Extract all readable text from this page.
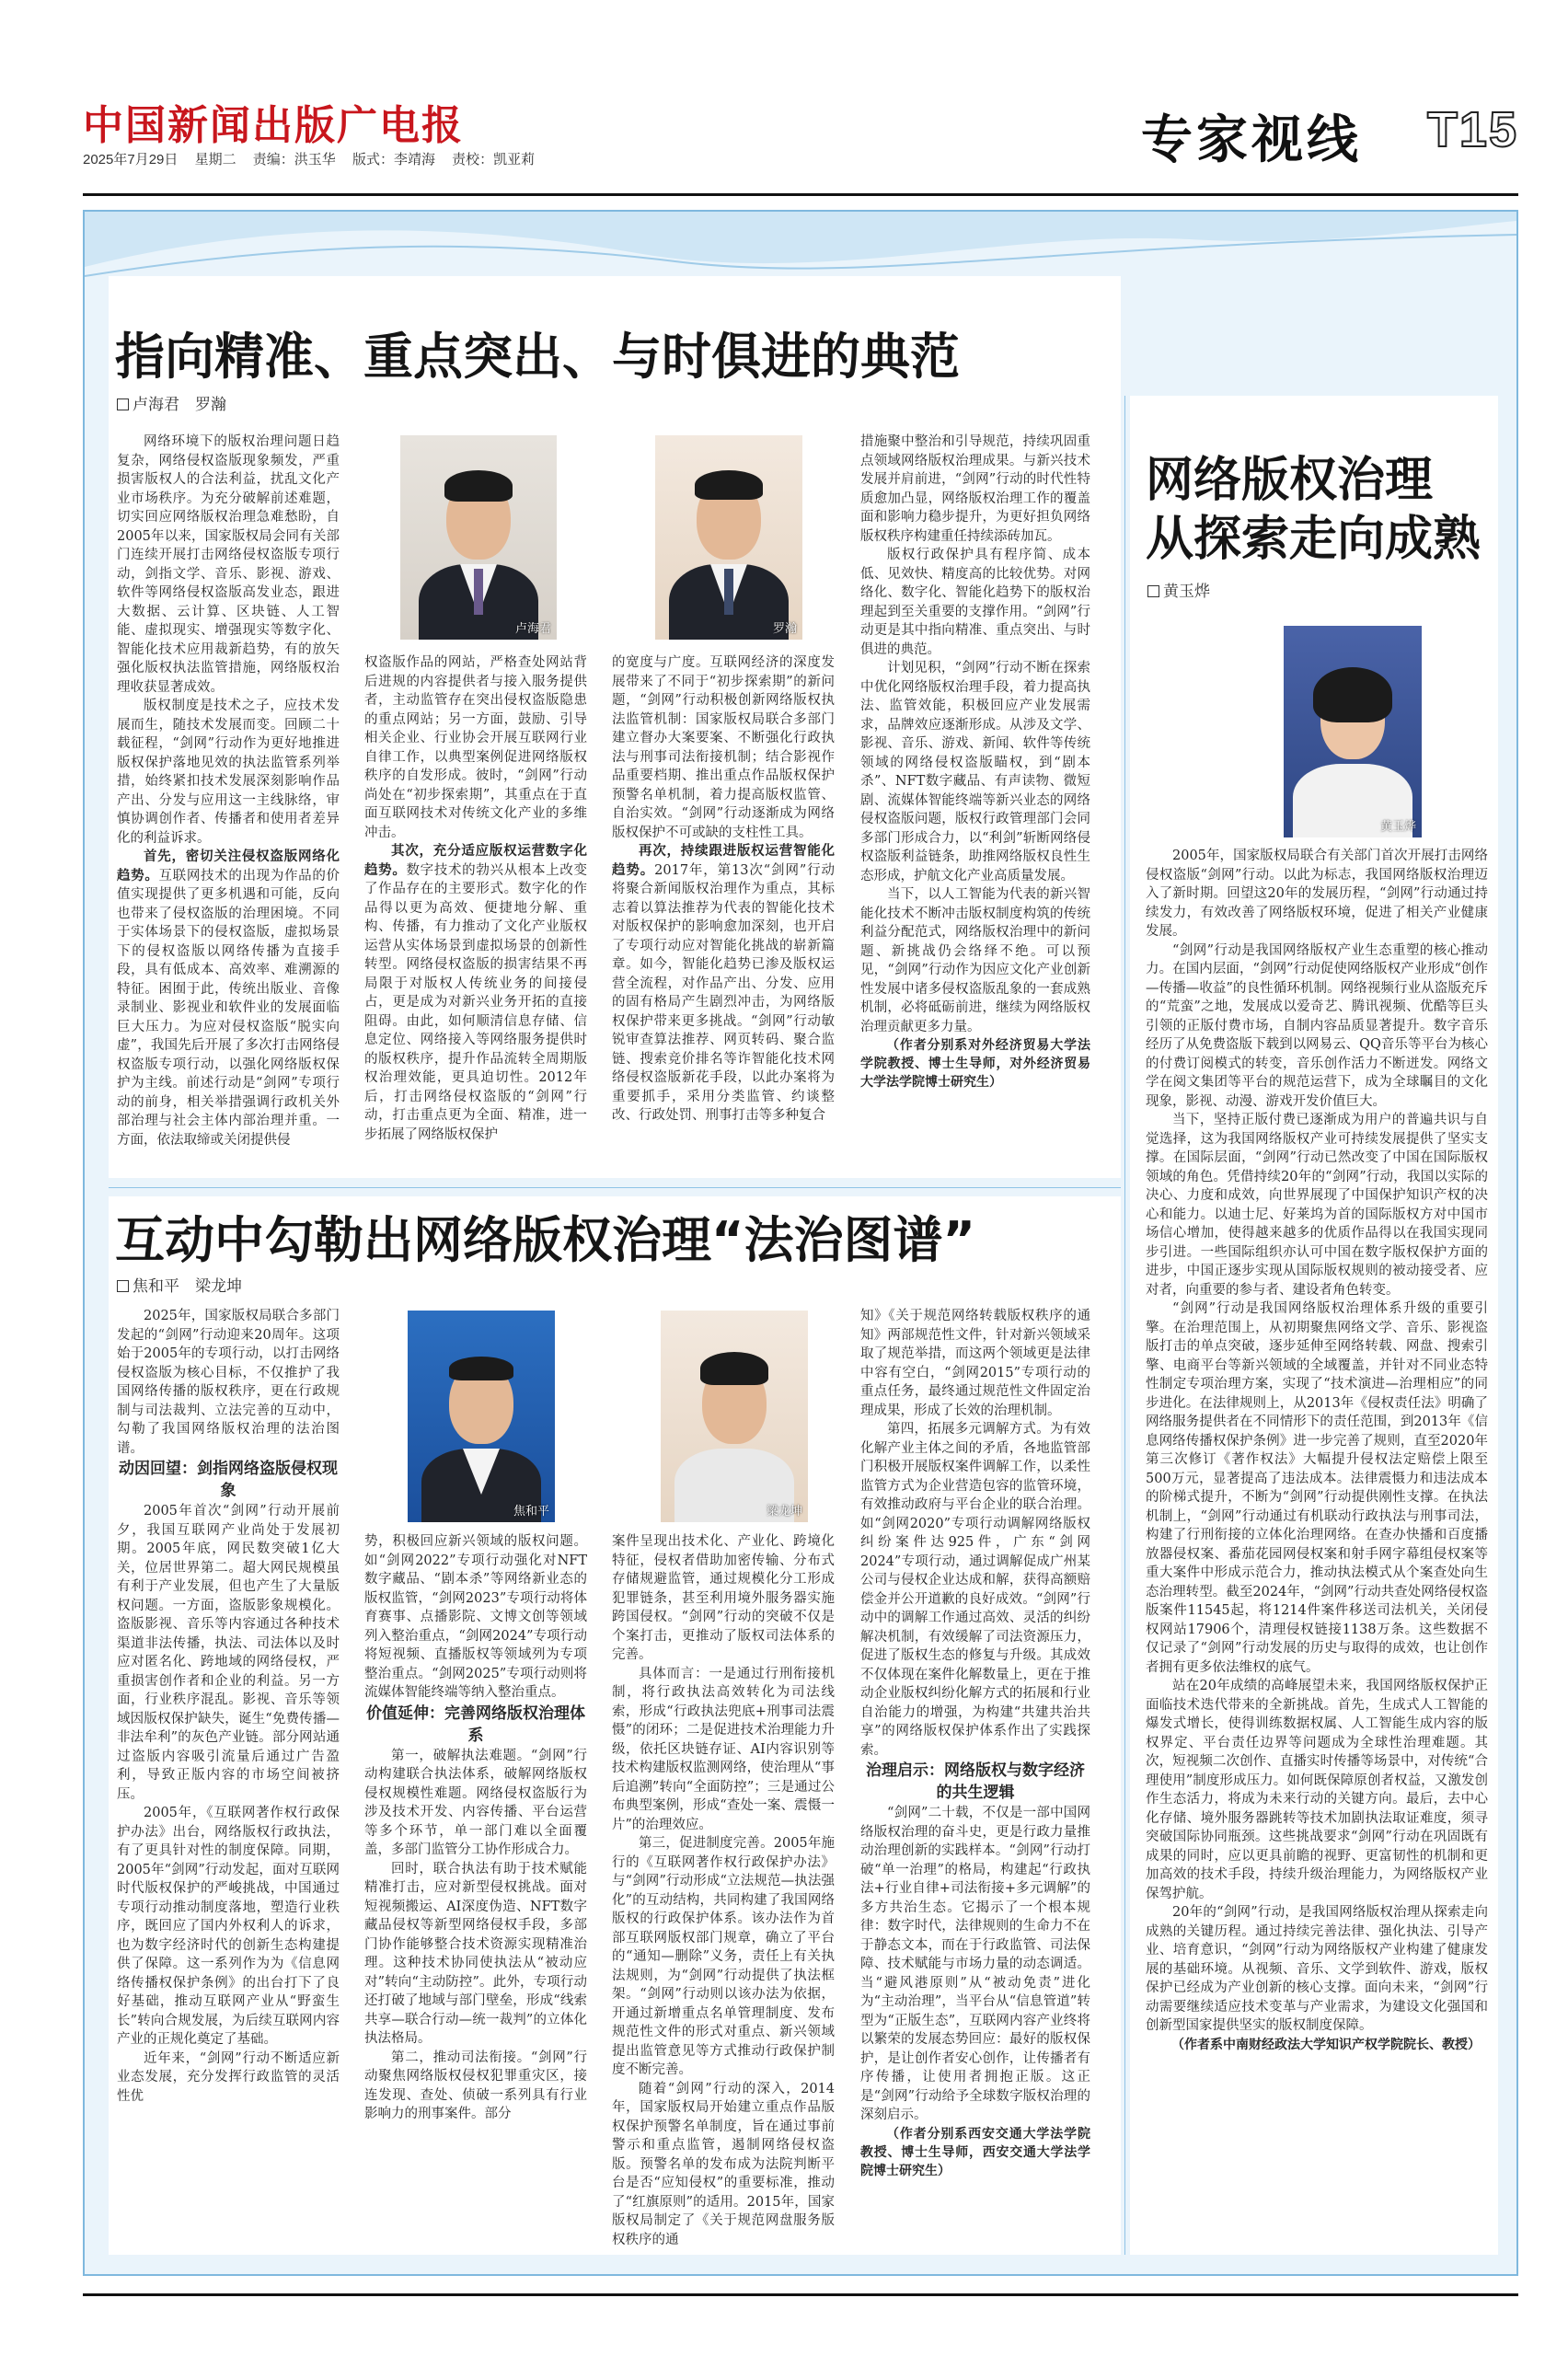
中国新闻出版广电报
2025年7月29日 星期二 责编：洪玉华 版式：李靖海 责校：凯亚莉	专家视线 T15
指向精准、重点突出、与时俱进的典范
卢海君　罗瀚
卢海君	罗瀚

网络环境下的版权治理问题日趋复杂，网络侵权盗版现象频发，严重损害版权人的合法利益，扰乱文化产业市场秩序。为充分破解前述难题，切实回应网络版权治理急难愁盼，自2005年以来，国家版权局会同有关部门连续开展打击网络侵权盗版专项行动，剑指文学、音乐、影视、游戏、软件等网络侵权盗版高发业态，跟进大数据、云计算、区块链、人工智能、虚拟现实、增强现实等数字化、智能化技术应用裁新趋势，有的放矢强化版权执法监管措施，网络版权治理收获显著成效。

版权制度是技术之子，应技术发展而生，随技术发展而变。回顾二十载征程，“剑网”行动作为更好地推进版权保护落地见效的执法监管系列举措，始终紧扣技术发展深刻影响作品产出、分发与应用这一主线脉络，审慎协调创作者、传播者和使用者差异化的利益诉求。

首先，密切关注侵权盗版网络化趋势。互联网技术的出现为作品的价值实现提供了更多机遇和可能，反向也带来了侵权盗版的治理困境。不同于实体场景下的侵权盗版，虚拟场景下的侵权盗版以网络传播为直接手段，具有低成本、高效率、难溯源的特征。困囿于此，传统出版业、音像录制业、影视业和软件业的发展面临巨大压力。为应对侵权盗版“脱实向虚”，我国先后开展了多次打击网络侵权盗版专项行动，以强化网络版权保护为主线。前述行动是“剑网”专项行动的前身，相关举措强调行政机关外部治理与社会主体内部治理并重。一方面，依法取缔或关闭提供侵

权盗版作品的网站，严格查处网站背后进规的内容提供者与接入服务提供者，主动监管存在突出侵权盗版隐患的重点网站；另一方面，鼓励、引导相关企业、行业协会开展互联网行业自律工作，以典型案例促进网络版权秩序的自发形成。彼时，“剑网”行动尚处在“初步探索期”，其重点在于直面互联网技术对传统文化产业的多维冲击。

其次，充分适应版权运营数字化趋势。数字技术的勃兴从根本上改变了作品存在的主要形式。数字化的作品得以更为高效、便捷地分解、重构、传播，有力推动了文化产业版权运营从实体场景到虚拟场景的创新性转型。网络侵权盗版的损害结果不再局限于对版权人传统业务的间接侵占，更是成为对新兴业务开拓的直接阻碍。由此，如何顺清信息存储、信息定位、网络接入等网络服务提供时的版权秩序，提升作品流转全周期版权治理效能，更具迫切性。2012年后，打击网络侵权盗版的“剑网”行动，打击重点更为全面、精准，进一步拓展了网络版权保护

的宽度与广度。互联网经济的深度发展带来了不同于“初步探索期”的新问题，“剑网”行动积极创新网络版权执法监管机制：国家版权局联合多部门建立督办大案要案、不断强化行政执法与刑事司法衔接机制；结合影视作品重要档期、推出重点作品版权保护预警名单机制，着力提高版权监管、自治实效。“剑网”行动逐渐成为网络版权保护不可或缺的支柱性工具。

再次，持续跟进版权运营智能化趋势。2017年，第13次“剑网”行动将聚合新闻版权治理作为重点，其标志着以算法推荐为代表的智能化技术对版权保护的影响愈加深刻，也开启了专项行动应对智能化挑战的崭新篇章。如今，智能化趋势已渗及版权运营全流程，对作品产出、分发、应用的固有格局产生剧烈冲击，为网络版权保护带来更多挑战。“剑网”行动敏锐审查算法推荐、网页转码、聚合监链、搜索竞价排名等诈智能化技术网络侵权盗版新花手段，以此办案将为重要抓手，采用分类监管、约谈整改、行政处罚、刑事打击等多种复合

措施聚中整治和引导规范，持续巩固重点领域网络版权治理成果。与新兴技术发展并肩前进，“剑网”行动的时代性特质愈加凸显，网络版权治理工作的覆盖面和影响力稳步提升，为更好担负网络版权秩序构建重任持续添砖加瓦。

版权行政保护具有程序简、成本低、见效快、精度高的比较优势。对网络化、数字化、智能化趋势下的版权治理起到至关重要的支撑作用。“剑网”行动更是其中指向精准、重点突出、与时俱进的典范。

计划见积，“剑网”行动不断在探索中优化网络版权治理手段，着力提高执法、监管效能，积极回应产业发展需求，品牌效应逐渐形成。从涉及文学、影视、音乐、游戏、新闻、软件等传统领域的网络侵权盗版瞄权，到“剧本杀”、NFT数字藏品、有声读物、微短剧、流媒体智能终端等新兴业态的网络侵权盗版问题，版权行政管理部门会同多部门形成合力，以“利剑”斩断网络侵权盗版利益链条，助推网络版权良性生态形成，护航文化产业高质量发展。

当下，以人工智能为代表的新兴智能化技术不断冲击版权制度构筑的传统利益分配范式，网络版权治理中的新问题、新挑战仍会络绎不绝。可以预见，“剑网”行动作为因应文化产业创新性发展中诸多侵权盗版乱象的一套成熟机制，必将砥砺前进，继续为网络版权治理贡献更多力量。

（作者分别系对外经济贸易大学法学院教授、博士生导师，对外经济贸易大学法学院博士研究生）

网络版权治理
从探索走向成熟
黄玉烨
黄玉烨

2005年，国家版权局联合有关部门首次开展打击网络侵权盗版“剑网”行动。以此为标志，我国网络版权治理迈入了新时期。回望这20年的发展历程，“剑网”行动通过持续发力，有效改善了网络版权环境，促进了相关产业健康发展。

“剑网”行动是我国网络版权产业生态重塑的核心推动力。在国内层面，“剑网”行动促使网络版权产业形成“创作—传播—收益”的良性循环机制。网络视频行业从盗版充斥的“荒蛮”之地，发展成以爱奇艺、腾讯视频、优酷等巨头引领的正版付费市场，自制内容品质显著提升。数字音乐经历了从免费盗版下载到以网易云、QQ音乐等平台为核心的付费订阅模式的转变，音乐创作活力不断迸发。网络文学在阅文集团等平台的规范运营下，成为全球瞩目的文化现象，影视、动漫、游戏开发价值巨大。

当下，坚持正版付费已逐渐成为用户的普遍共识与自觉选择，这为我国网络版权产业可持续发展提供了坚实支撑。在国际层面，“剑网”行动已然改变了中国在国际版权领域的角色。凭借持续20年的“剑网”行动，我国以实际的决心、力度和成效，向世界展现了中国保护知识产权的决心和能力。以迪士尼、好莱坞为首的国际版权方对中国市场信心增加，使得越来越多的优质作品得以在我国实现同步引进。一些国际组织亦认可中国在数字版权保护方面的进步，中国正逐步实现从国际版权规则的被动接受者、应对者，向重要的参与者、建设者角色转变。

“剑网”行动是我国网络版权治理体系升级的重要引擎。在治理范围上，从初期聚焦网络文学、音乐、影视盗版打击的单点突破，逐步延伸至网络转载、网盘、搜索引擎、电商平台等新兴领域的全域覆盖，并针对不同业态特性制定专项治理方案，实现了“技术演进—治理相应”的同步进化。在法律规则上，从2013年《侵权责任法》明确了网络服务提供者在不同情形下的责任范围，到2013年《信息网络传播权保护条例》进一步完善了规则，直至2020年第三次修订《著作权法》大幅提升侵权法定赔偿上限至500万元，显著提高了违法成本。法律震慑力和违法成本的阶梯式提升，不断为“剑网”行动提供刚性支撑。在执法机制上，“剑网”行动通过有机联动行政执法与刑事司法，构建了行刑衔接的立体化治理网络。在查办快播和百度播放器侵权案、番茄花园网侵权案和射手网字幕组侵权案等重大案件中形成示范合力，推动执法模式从个案查处向生态治理转型。截至2024年，“剑网”行动共查处网络侵权盗版案件11545起，将1214件案件移送司法机关，关闭侵权网站17906个，清理侵权链接1138万条。这些数据不仅记录了“剑网”行动发展的历史与取得的成效，也让创作者拥有更多依法维权的底气。

站在20年成绩的高峰展望未来，我国网络版权保护正面临技术迭代带来的全新挑战。首先，生成式人工智能的爆发式增长，使得训练数据权属、人工智能生成内容的版权界定、平台责任边界等问题成为全球性治理难题。其次，短视频二次创作、直播实时传播等场景中，对传统“合理使用”制度形成压力。如何既保障原创者权益，又激发创作生态活力，将成为未来行动的关键方向。最后，去中心化存储、境外服务器跳转等技术加剧执法取证难度，须寻突破国际协同瓶颈。这些挑战要求“剑网”行动在巩固既有成果的同时，应以更具前瞻的视野、更富韧性的机制和更加高效的技术手段，持续升级治理能力，为网络版权产业保驾护航。

20年的“剑网”行动，是我国网络版权治理从探索走向成熟的关键历程。通过持续完善法律、强化执法、引导产业、培育意识，“剑网”行动为网络版权产业构建了健康发展的基础环境。从视频、音乐、文学到软件、游戏，版权保护已经成为产业创新的核心支撑。面向未来，“剑网”行动需要继续适应技术变革与产业需求，为建设文化强国和创新型国家提供坚实的版权制度保障。

（作者系中南财经政法大学知识产权学院院长、教授）

互动中勾勒出网络版权治理“法治图谱”
焦和平　梁龙坤
焦和平	梁龙坤

2025年，国家版权局联合多部门发起的“剑网”行动迎来20周年。这项始于2005年的专项行动，以打击网络侵权盗版为核心目标，不仅推护了我国网络传播的版权秩序，更在行政规制与司法裁判、立法完善的互动中，勾勒了我国网络版权治理的法治图谱。

动因回望：剑指网络盗版侵权现象

2005年首次“剑网”行动开展前夕，我国互联网产业尚处于发展初期。2005年底，网民数突破1亿大关，位居世界第二。超大网民规模虽有利于产业发展，但也产生了大量版权问题。一方面，盗版影象规模化。盗版影视、音乐等内容通过各种技术渠道非法传播，执法、司法体以及时应对匿名化、跨地域的网络侵权，严重损害创作者和企业的利益。另一方面，行业秩序混乱。影视、音乐等领域因版权保护缺失，诞生“免费传播—非法牟利”的灰色产业链。部分网站通过盗版内容吸引流量后通过广告盈利，导致正版内容的市场空间被挤压。

2005年，《互联网著作权行政保护办法》出台，网络版权行政执法，有了更具针对性的制度保障。同期，2005年“剑网”行动发起，面对互联网时代版权保护的严峻挑战，中国通过专项行动推动制度落地，塑造行业秩序，既回应了国内外权利人的诉求，也为数字经济时代的创新生态构建提供了保障。这一系列作为为《信息网络传播权保护条例》的出台打下了良好基础，推动互联网产业从“野蛮生长”转向合规发展，为后续互联网内容产业的正规化奠定了基础。

近年来，“剑网”行动不断适应新业态发展，充分发挥行政监管的灵活性优

势，积极回应新兴领域的版权问题。如“剑网2022”专项行动强化对NFT数字藏品、“剧本杀”等网络新业态的版权监管，“剑网2023”专项行动将体育赛事、点播影院、文博文创等领域列入整治重点，“剑网2024”专项行动将短视频、直播版权等领域列为专项整治重点。“剑网2025”专项行动则将流媒体智能终端等纳入整治重点。

价值延伸：完善网络版权治理体系

第一，破解执法难题。“剑网”行动构建联合执法体系，破解网络版权侵权规模性难题。网络侵权盗版行为涉及技术开发、内容传播、平台运营等多个环节，单一部门难以全面覆盖，多部门监管分工协作形成合力。

回时，联合执法有助于技术赋能精准打击，应对新型侵权挑战。面对短视频搬运、AI深度伪造、NFT数字藏品侵权等新型网络侵权手段，多部门协作能够整合技术资源实现精准治理。这种技术协同使执法从“被动应对”转向“主动防控”。此外，专项行动还打破了地域与部门壁垒，形成“线索共享—联合行动—统一裁判”的立体化执法格局。

第二，推动司法衔接。“剑网”行动聚焦网络版权侵权犯罪重灾区，接连发现、查处、侦破一系列具有行业影响力的刑事案件。部分

案件呈现出技术化、产业化、跨境化特征，侵权者借助加密传输、分布式存储规避监管，通过规模化分工形成犯罪链条，甚至利用境外服务器实施跨国侵权。“剑网”行动的突破不仅是个案打击，更推动了版权司法体系的完善。

具体而言：一是通过行刑衔接机制，将行政执法高效转化为司法线索，形成“行政执法兜底+刑事司法震慑”的闭环；二是促进技术治理能力升级，依托区块链存证、AI内容识别等技术构建版权监测网络，使治理从“事后追溯”转向“全面防控”；三是通过公布典型案例，形成“查处一案、震慑一片”的治理效应。

第三，促进制度完善。2005年施行的《互联网著作权行政保护办法》与“剑网”行动形成“立法规范—执法强化”的互动结构，共同构建了我国网络版权的行政保护体系。该办法作为首部互联网版权部门规章，确立了平台的“通知—删除”义务，责任上有关执法规则，为“剑网”行动提供了执法框架。“剑网”行动则以该办法为依据，开通过新增重点名单管理制度、发布规范性文件的形式对重点、新兴领域提出监管意见等方式推动行政保护制度不断完善。

随着“剑网”行动的深入，2014年，国家版权局开始建立重点作品版权保护预警名单制度，旨在通过事前警示和重点监管，遏制网络侵权盗版。预警名单的发布成为法院判断平台是否“应知侵权”的重要标准，推动了“红旗原则”的适用。2015年，国家版权局制定了《关于规范网盘服务版权秩序的通

知》《关于规范网络转载版权秩序的通知》两部规范性文件，针对新兴领域采取了规范举措，而这两个领域更是法律中容有空白，“剑网2015”专项行动的重点任务，最终通过规范性文件固定治理成果，形成了长效的治理机制。

第四，拓展多元调解方式。为有效化解产业主体之间的矛盾，各地监管部门积极开展版权案件调解工作，以柔性监管方式为企业营造包容的监管环境，有效推动政府与平台企业的联合治理。如“剑网2020”专项行动调解网络版权纠纷案件达925件，广东“剑网2024”专项行动，通过调解促成广州某公司与侵权企业达成和解，获得高额赔偿金并公开道歉的良好成效。“剑网”行动中的调解工作通过高效、灵活的纠纷解决机制，有效缓解了司法资源压力，促进了版权生态的修复与升级。其成效不仅体现在案件化解数量上，更在于推动企业版权纠纷化解方式的拓展和行业自治能力的增强，为构建“共建共治共享”的网络版权保护体系作出了实践探索。

治理启示：网络版权与数字经济的共生逻辑

“剑网”二十载，不仅是一部中国网络版权治理的奋斗史，更是行政力量推动治理创新的实践样本。“剑网”行动打破“单一治理”的格局，构建起“行政执法+行业自律+司法衔接+多元调解”的多方共治生态。它揭示了一个根本规律：数字时代，法律规则的生命力不在于静态文本，而在于行政监管、司法保障、技术赋能与市场力量的动态调适。当“避风港原则”从“被动免责”进化为“主动治理”，当平台从“信息管道”转型为“正版生态”，互联网内容产业终将以繁荣的发展态势回应：最好的版权保护，是让创作者安心创作，让传播者有序传播，让使用者拥抱正版。这正是“剑网”行动给予全球数字版权治理的深刻启示。

（作者分别系西安交通大学法学院教授、博士生导师，西安交通大学法学院博士研究生）
